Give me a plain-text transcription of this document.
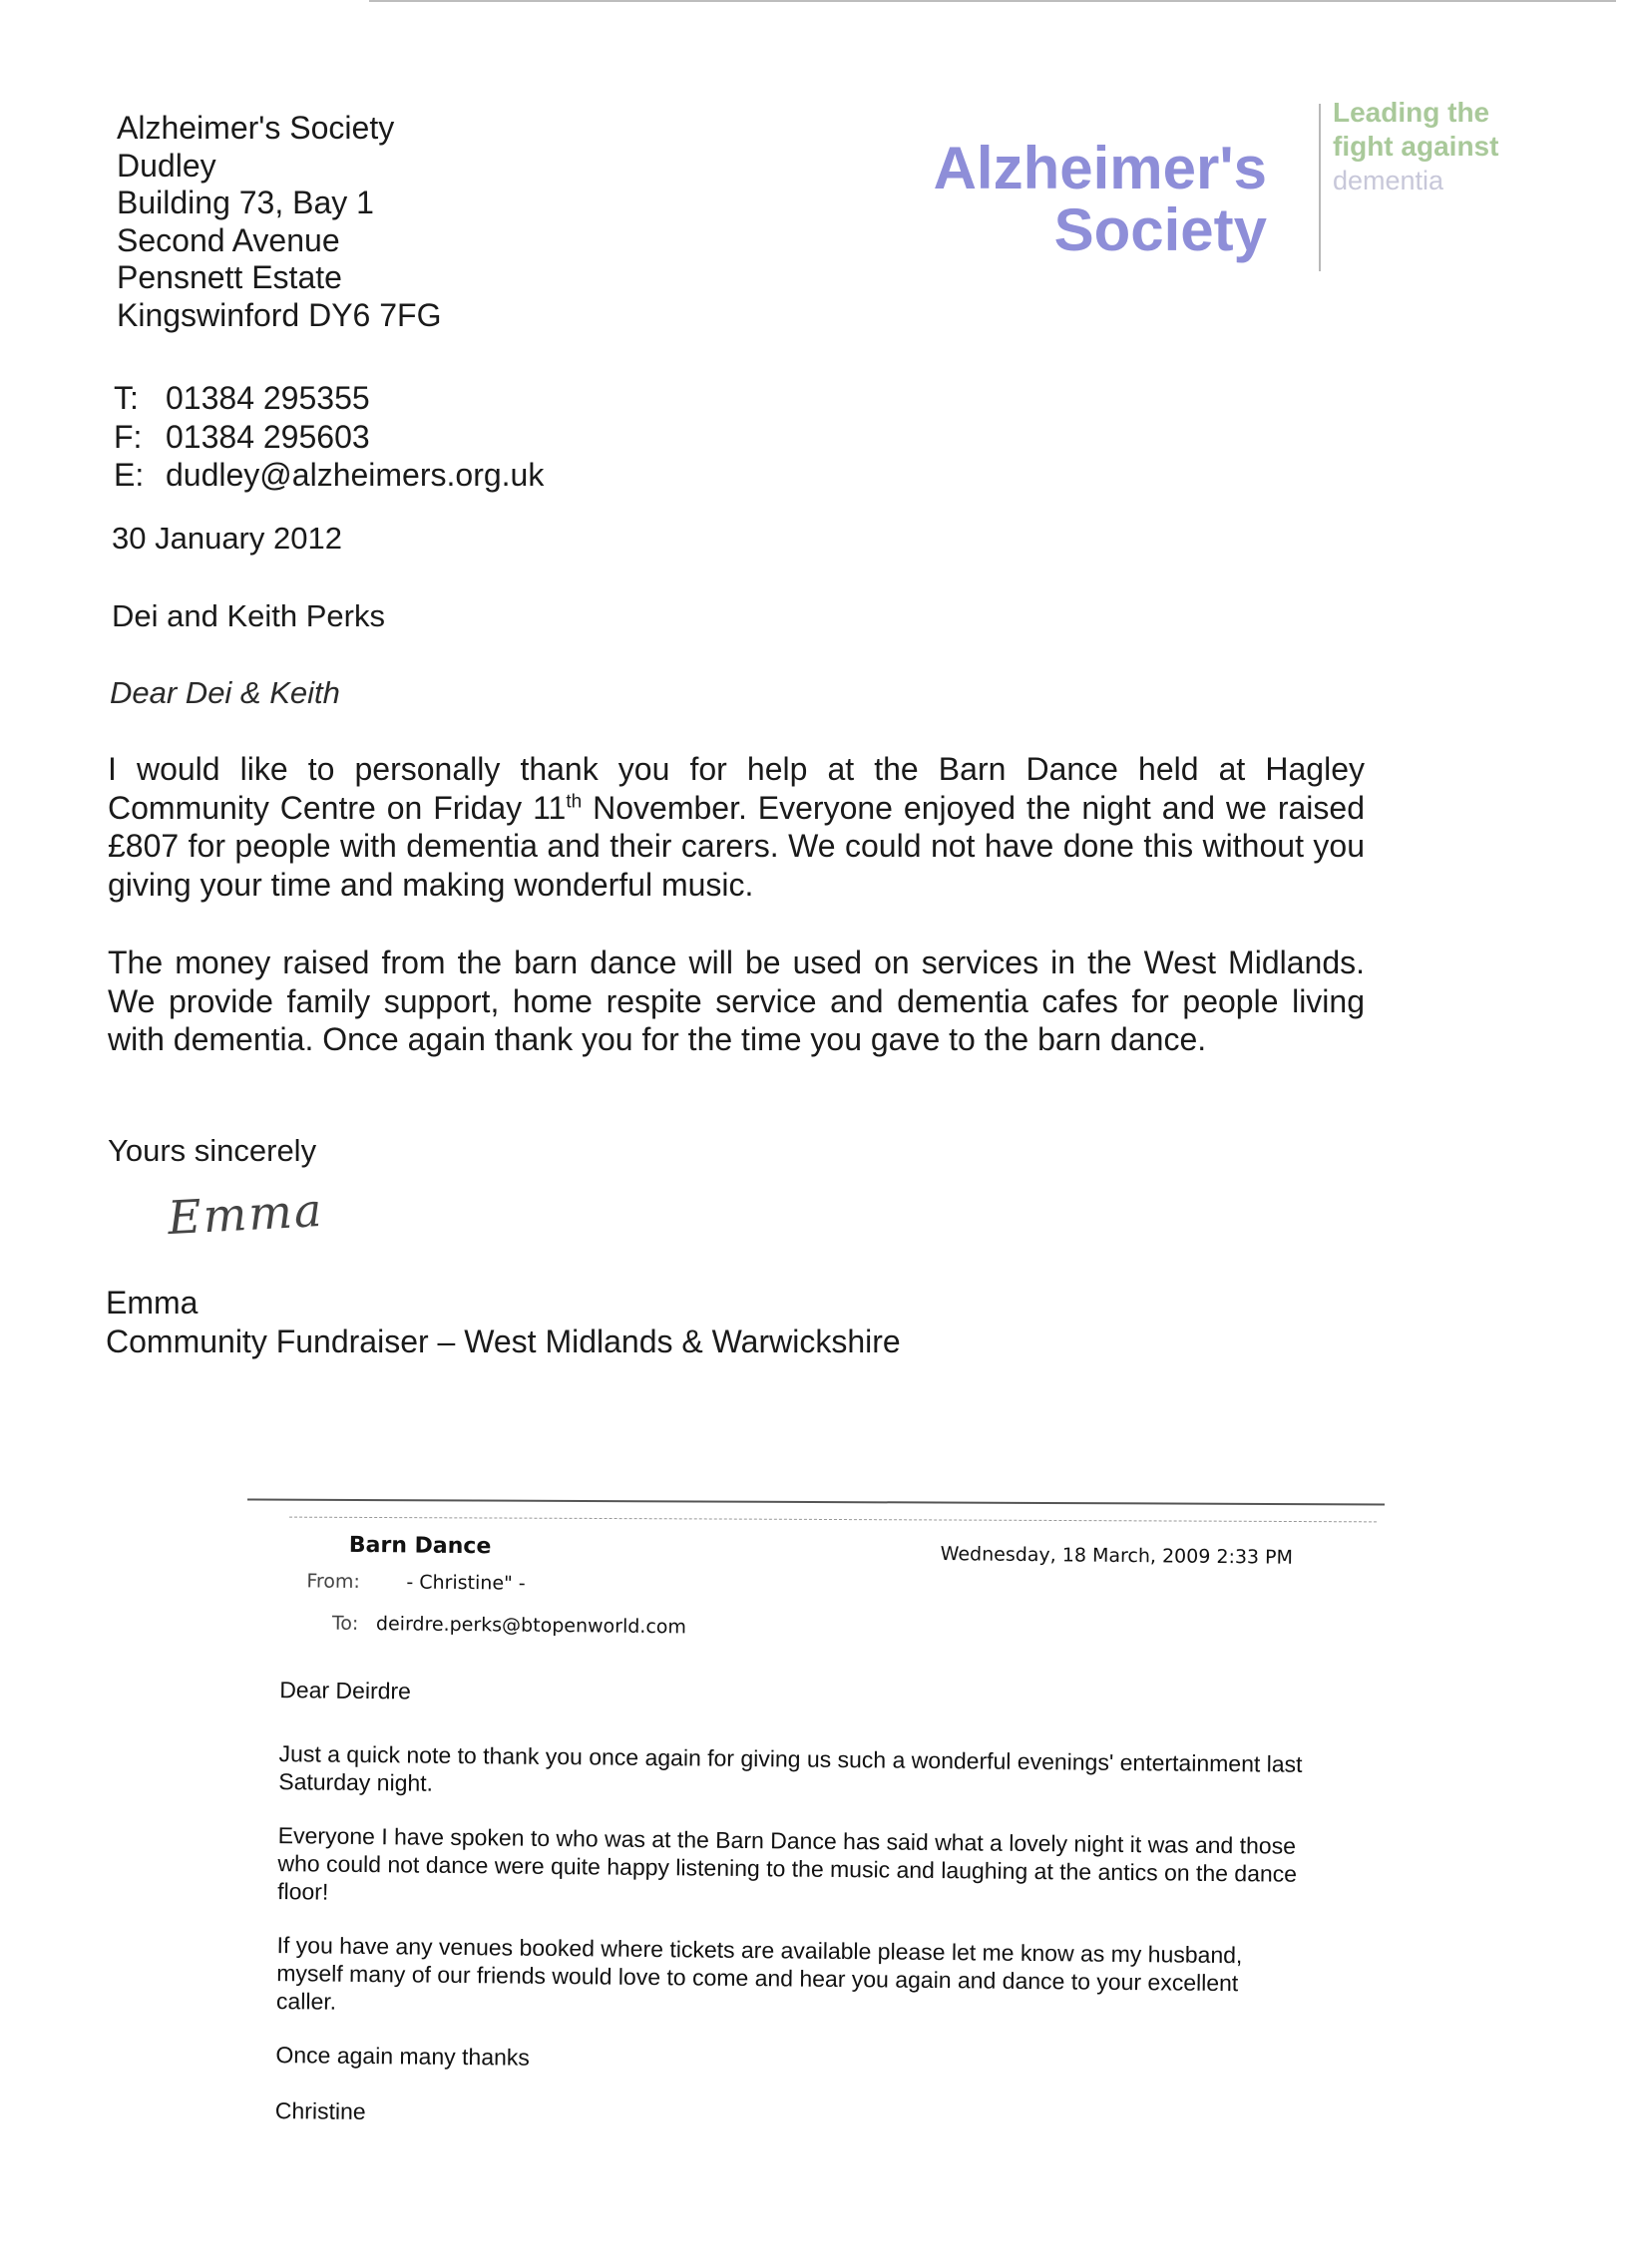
Alzheimer's Society
Dudley
Building 73, Bay 1
Second Avenue
Pensnett Estate
Kingswinford DY6 7FG
T: 01384 295355
F: 01384 295603
E: dudley@alzheimers.org.uk
Alzheimer's
Society
Leading the
fight against
dementia
30 January 2012
Dei and Keith Perks
Dear Dei & Keith
I would like to personally thank you for help at the Barn Dance held at Hagley Community Centre on Friday 11th November. Everyone enjoyed the night and we raised £807 for people with dementia and their carers. We could not have done this without you giving your time and making wonderful music.
The money raised from the barn dance will be used on services in the West Midlands. We provide family support, home respite service and dementia cafes for people living with dementia. Once again thank you for the time you gave to the barn dance.
Yours sincerely
Emma
Emma
Community Fundraiser – West Midlands & Warwickshire
Barn Dance	Wednesday, 18 March, 2009 2:33 PM
From: - Christine" -
To: deirdre.perks@btopenworld.com

Dear Deirdre

Just a quick note to thank you once again for giving us such a wonderful evenings' entertainment last Saturday night.

Everyone I have spoken to who was at the Barn Dance has said what a lovely night it was and those who could not dance were quite happy listening to the music and laughing at the antics on the dance floor!

If you have any venues booked where tickets are available please let me know as my husband, myself many of our friends would love to come and hear you again and dance to your excellent caller.

Once again many thanks

Christine
